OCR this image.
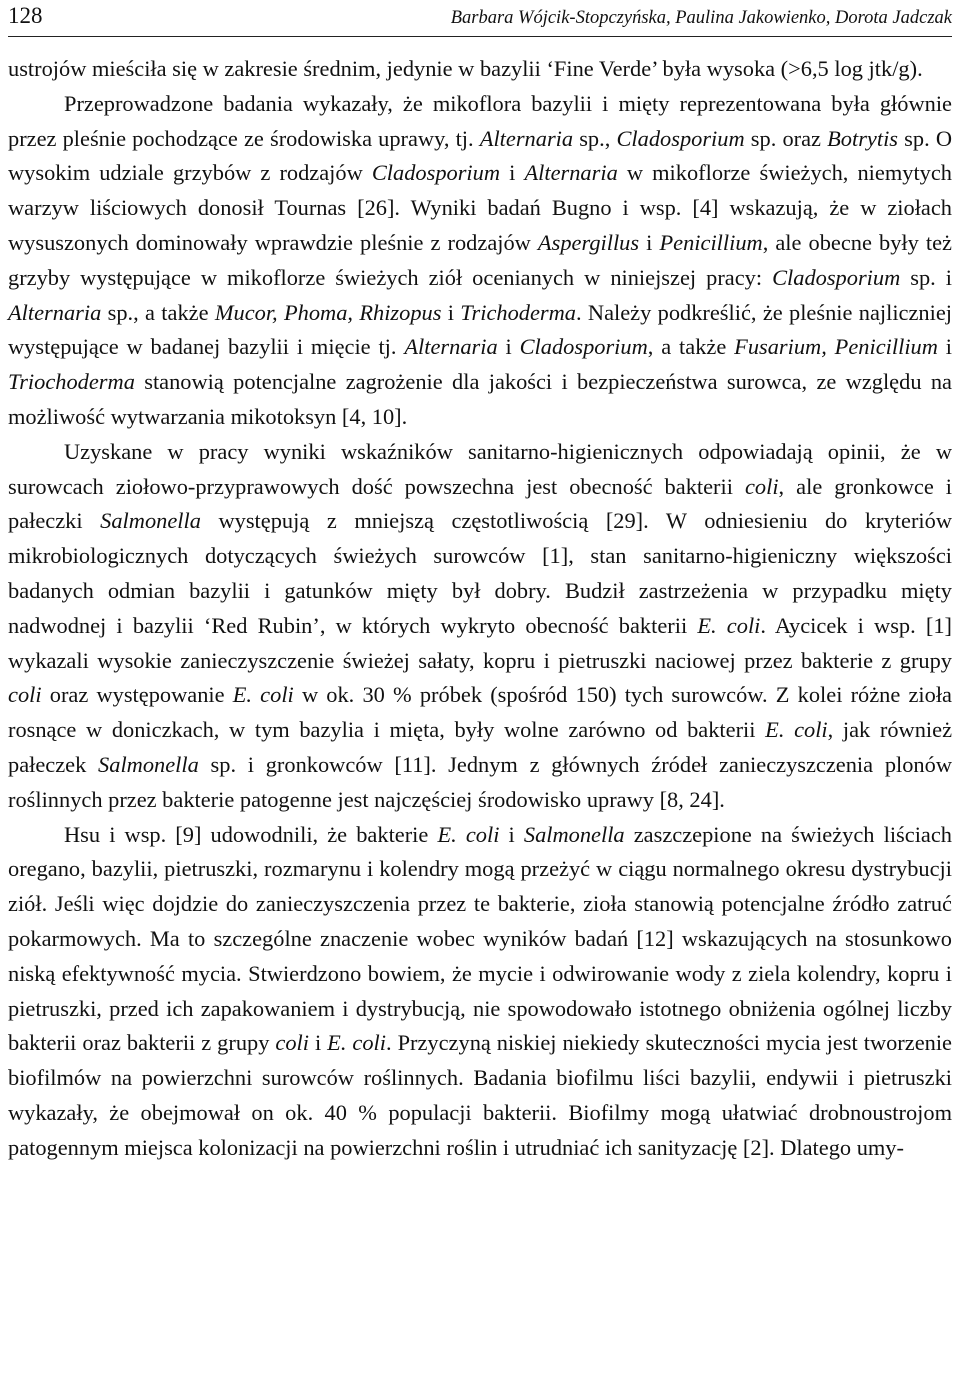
128	Barbara Wójcik-Stopczyńska, Paulina Jakowienko, Dorota Jadczak

ustrojów mieściła się w zakresie średnim, jedynie w bazylii ‘Fine Verde’ była wysoka (>6,5 log jtk/g).

Przeprowadzone badania wykazały, że mikoflora bazylii i mięty reprezentowana była głównie przez pleśnie pochodzące ze środowiska uprawy, tj. Alternaria sp., Cladosporium sp. oraz Botrytis sp. O wysokim udziale grzybów z rodzajów Cladosporium i Alternaria w mikoflorze świeżych, niemytych warzyw liściowych donosił Tournas [26]. Wyniki badań Bugno i wsp. [4] wskazują, że w ziołach wysuszonych dominowały wprawdzie pleśnie z rodzajów Aspergillus i Penicillium, ale obecne były też grzyby występujące w mikoflorze świeżych ziół ocenianych w niniejszej pracy: Cladosporium sp. i Alternaria sp., a także Mucor, Phoma, Rhizopus i Trichoderma. Należy podkreślić, że pleśnie najliczniej występujące w badanej bazylii i mięcie tj. Alternaria i Cladosporium, a także Fusarium, Penicillium i Triochoderma stanowią potencjalne zagrożenie dla jakości i bezpieczeństwa surowca, ze względu na możliwość wytwarzania mikotoksyn [4, 10].

Uzyskane w pracy wyniki wskaźników sanitarno-higienicznych odpowiadają opinii, że w surowcach ziołowo-przyprawowych dość powszechna jest obecność bakterii coli, ale gronkowce i pałeczki Salmonella występują z mniejszą częstotliwością [29]. W odniesieniu do kryteriów mikrobiologicznych dotyczących świeżych surowców [1], stan sanitarno-higieniczny większości badanych odmian bazylii i gatunków mięty był dobry. Budził zastrzeżenia w przypadku mięty nadwodnej i bazylii ‘Red Rubin’, w których wykryto obecność bakterii E. coli. Aycicek i wsp. [1] wykazali wysokie zanieczyszczenie świeżej sałaty, kopru i pietruszki naciowej przez bakterie z grupy coli oraz występowanie E. coli w ok. 30 % próbek (spośród 150) tych surowców. Z kolei różne zioła rosnące w doniczkach, w tym bazylia i mięta, były wolne zarówno od bakterii E. coli, jak również pałeczek Salmonella sp. i gronkowców [11]. Jednym z głównych źródeł zanieczyszczenia plonów roślinnych przez bakterie patogenne jest najczęściej środowisko uprawy [8, 24].

Hsu i wsp. [9] udowodnili, że bakterie E. coli i Salmonella zaszczepione na świeżych liściach oregano, bazylii, pietruszki, rozmarynu i kolendry mogą przeżyć w ciągu normalnego okresu dystrybucji ziół. Jeśli więc dojdzie do zanieczyszczenia przez te bakterie, zioła stanowią potencjalne źródło zatruć pokarmowych. Ma to szczególne znaczenie wobec wyników badań [12] wskazujących na stosunkowo niską efektywność mycia. Stwierdzono bowiem, że mycie i odwirowanie wody z ziela kolendry, kopru i pietruszki, przed ich zapakowaniem i dystrybucją, nie spowodowało istotnego obniżenia ogólnej liczby bakterii oraz bakterii z grupy coli i E. coli. Przyczyną niskiej niekiedy skuteczności mycia jest tworzenie biofilmów na powierzchni surowców roślinnych. Badania biofilmu liści bazylii, endywii i pietruszki wykazały, że obejmował on ok. 40 % populacji bakterii. Biofilmy mogą ułatwiać drobnoustrojom patogennym miejsca kolonizacji na powierzchni roślin i utrudniać ich sanityzację [2]. Dlatego umy-
